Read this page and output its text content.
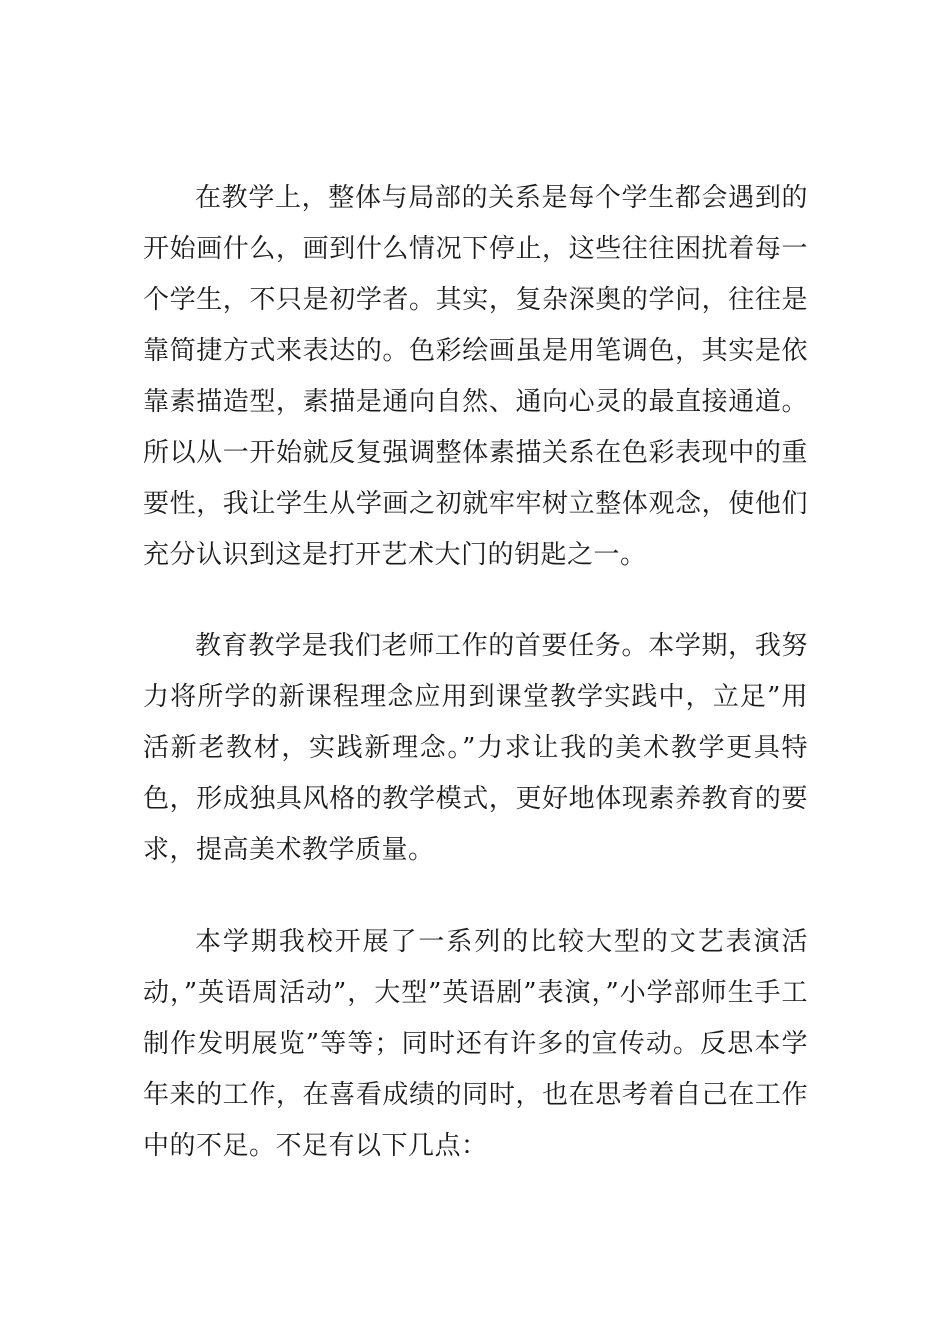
在教学上，整体与局部的关系是每个学生都会遇到的开始画什么，画到什么情况下停止，这些往往困扰着每一个学生，不只是初学者。其实，复杂深奥的学问，往往是靠简捷方式来表达的。色彩绘画虽是用笔调色，其实是依靠素描造型，素描是通向自然、通向心灵的最直接通道。所以从一开始就反复强调整体素描关系在色彩表现中的重要性，我让学生从学画之初就牢牢树立整体观念，使他们充分认识到这是打开艺术大门的钥匙之一。

教育教学是我们老师工作的首要任务。本学期，我努力将所学的新课程理念应用到课堂教学实践中，立足”用活新老教材，实践新理念。”力求让我的美术教学更具特色，形成独具风格的教学模式，更好地体现素养教育的要求，提高美术教学质量。

本学期我校开展了一系列的比较大型的文艺表演活动，”英语周活动”，大型”英语剧”表演，”小学部师生手工制作发明展览”等等；同时还有许多的宣传动。反思本学年来的工作，在喜看成绩的同时，也在思考着自己在工作中的不足。不足有以下几点：
